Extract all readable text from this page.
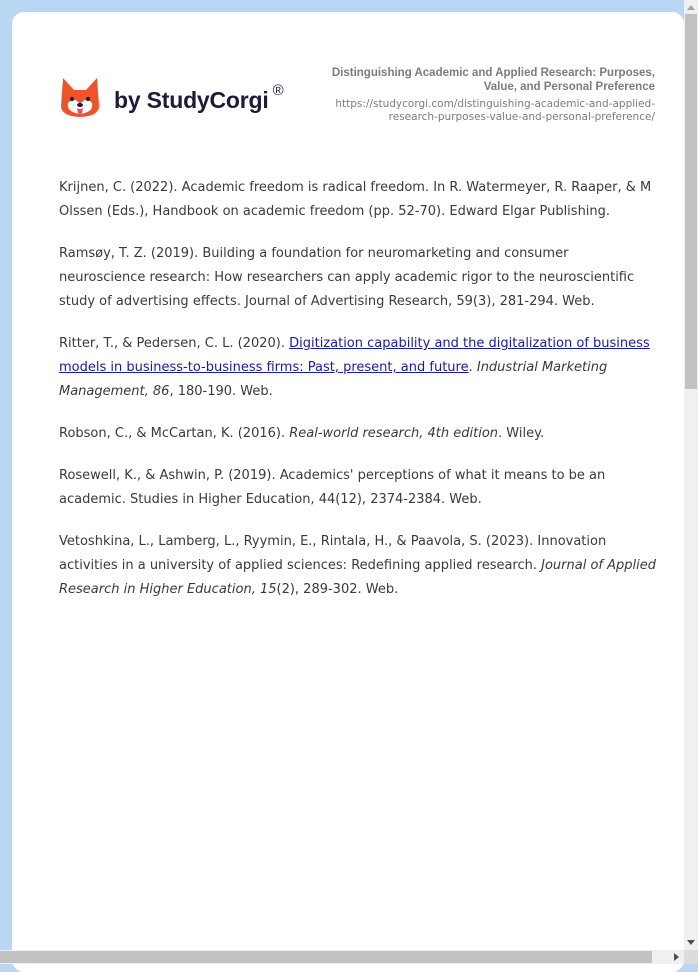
by StudyCorgi ®
Distinguishing Academic and Applied Research: Purposes,
Value, and Personal Preference
https://studycorgi.com/distinguishing-academic-and-applied-
research-purposes-value-and-personal-preference/

Krijnen, C. (2022). Academic freedom is radical freedom. In R. Watermeyer, R. Raaper, & M Olssen (Eds.), Handbook on academic freedom (pp. 52-70). Edward Elgar Publishing.

Ramsøy, T. Z. (2019). Building a foundation for neuromarketing and consumer neuroscience research: How researchers can apply academic rigor to the neuroscientific study of advertising effects. Journal of Advertising Research, 59(3), 281-294. Web.

Ritter, T., & Pedersen, C. L. (2020). Digitization capability and the digitalization of business models in business-to-business firms: Past, present, and future. Industrial Marketing Management, 86, 180-190. Web.

Robson, C., & McCartan, K. (2016). Real-world research, 4th edition. Wiley.

Rosewell, K., & Ashwin, P. (2019). Academics' perceptions of what it means to be an academic. Studies in Higher Education, 44(12), 2374-2384. Web.

Vetoshkina, L., Lamberg, L., Ryymin, E., Rintala, H., & Paavola, S. (2023). Innovation activities in a university of applied sciences: Redefining applied research. Journal of Applied Research in Higher Education, 15(2), 289-302. Web.
